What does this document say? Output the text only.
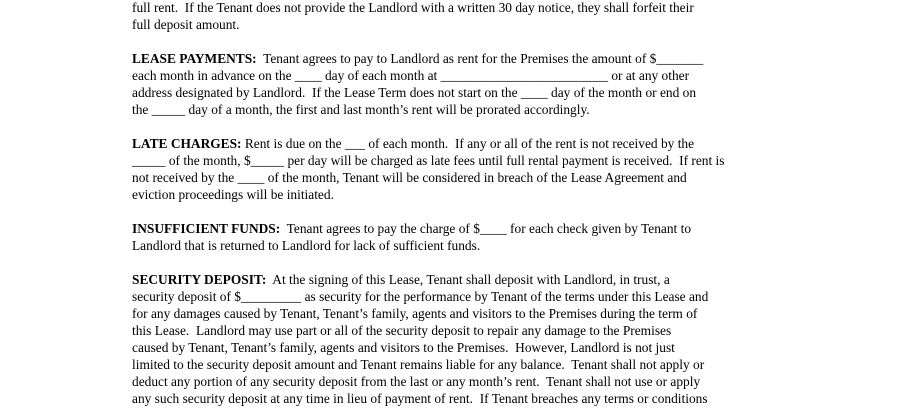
full rent.  If the Tenant does not provide the Landlord with a written 30 day notice, they shall forfeit their
full deposit amount.
LEASE PAYMENTS:  Tenant agrees to pay to Landlord as rent for the Premises the amount of $_______
each month in advance on the ____ day of each month at _________________________ or at any other
address designated by Landlord.  If the Lease Term does not start on the ____ day of the month or end on
the _____ day of a month, the first and last month’s rent will be prorated accordingly.
LATE CHARGES: Rent is due on the ___ of each month.  If any or all of the rent is not received by the
_____ of the month, $_____ per day will be charged as late fees until full rental payment is received.  If rent is
not received by the ____ of the month, Tenant will be considered in breach of the Lease Agreement and
eviction proceedings will be initiated.
INSUFFICIENT FUNDS:  Tenant agrees to pay the charge of $____ for each check given by Tenant to
Landlord that is returned to Landlord for lack of sufficient funds.
SECURITY DEPOSIT:  At the signing of this Lease, Tenant shall deposit with Landlord, in trust, a
security deposit of $_________ as security for the performance by Tenant of the terms under this Lease and
for any damages caused by Tenant, Tenant’s family, agents and visitors to the Premises during the term of
this Lease.  Landlord may use part or all of the security deposit to repair any damage to the Premises
caused by Tenant, Tenant’s family, agents and visitors to the Premises.  However, Landlord is not just
limited to the security deposit amount and Tenant remains liable for any balance.  Tenant shall not apply or
deduct any portion of any security deposit from the last or any month’s rent.  Tenant shall not use or apply
any such security deposit at any time in lieu of payment of rent.  If Tenant breaches any terms or conditions
